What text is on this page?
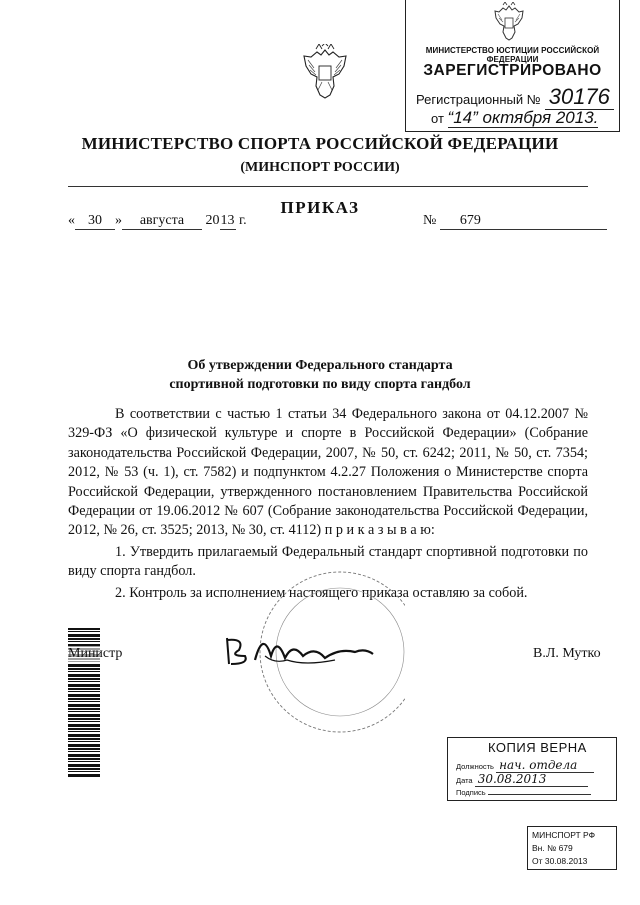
МИНИСТЕРСТВО ЮСТИЦИИ РОССИЙСКОЙ ФЕДЕРАЦИИ
ЗАРЕГИСТРИРОВАНО
Регистрационный № 30176
от “14” октября 2013.
МИНИСТЕРСТВО СПОРТА РОССИЙСКОЙ ФЕДЕРАЦИИ
(МИНСПОРТ РОССИИ)
ПРИКАЗ
« 30 » августа 2013 г.	№ 679
Об утверждении Федерального стандарта
спортивной подготовки по виду спорта гандбол

В соответствии с частью 1 статьи 34 Федерального закона от 04.12.2007 № 329-ФЗ «О физической культуре и спорте в Российской Федерации» (Собрание законодательства Российской Федерации, 2007, № 50, ст. 6242; 2011, № 50, ст. 7354; 2012, № 53 (ч. 1), ст. 7582) и подпунктом 4.2.27 Положения о Министерстве спорта Российской Федерации, утвержденного постановлением Правительства Российской Федерации от 19.06.2012 № 607 (Собрание законодательства Российской Федерации, 2012, № 26, ст. 3525; 2013, № 30, ст. 4112) п р и к а з ы в а ю:

1. Утвердить прилагаемый Федеральный стандарт спортивной подготовки по виду спорта гандбол.

2. Контроль за исполнением настоящего приказа оставляю за собой.

Министр	В.Л. Мутко
КОПИЯ ВЕРНА
Должность нач. отдела
Дата 30.08.2013
Подпись
МИНСПОРТ РФ
Вн. № 679
От 30.08.2013
